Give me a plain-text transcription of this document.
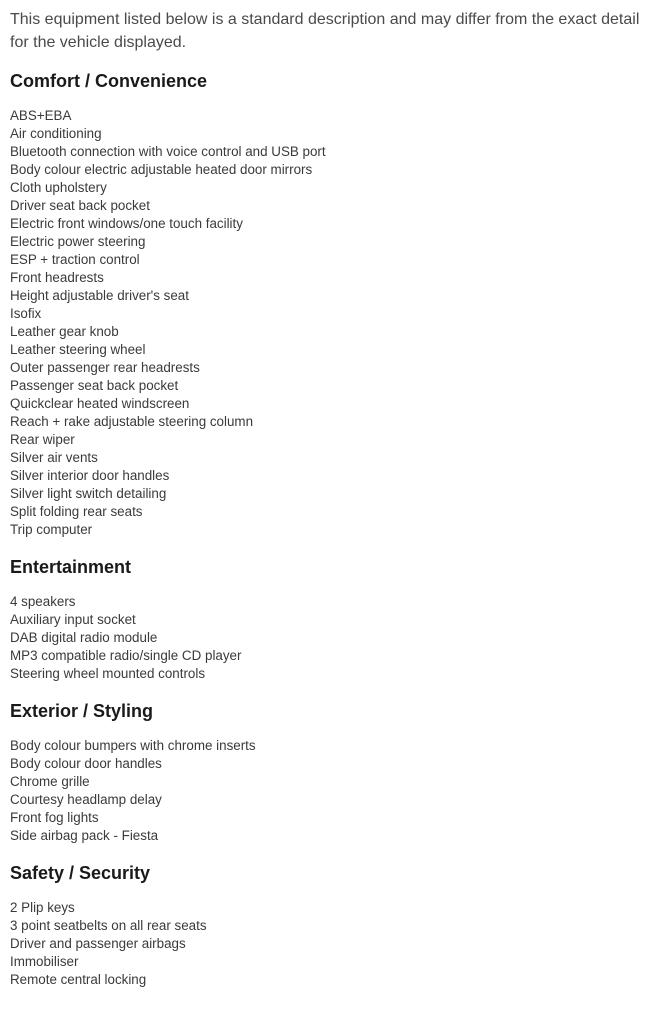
This equipment listed below is a standard description and may differ from the exact detail for the vehicle displayed.

Comfort / Convenience
ABS+EBA
Air conditioning
Bluetooth connection with voice control and USB port
Body colour electric adjustable heated door mirrors
Cloth upholstery
Driver seat back pocket
Electric front windows/one touch facility
Electric power steering
ESP + traction control
Front headrests
Height adjustable driver's seat
Isofix
Leather gear knob
Leather steering wheel
Outer passenger rear headrests
Passenger seat back pocket
Quickclear heated windscreen
Reach + rake adjustable steering column
Rear wiper
Silver air vents
Silver interior door handles
Silver light switch detailing
Split folding rear seats
Trip computer
Entertainment
4 speakers
Auxiliary input socket
DAB digital radio module
MP3 compatible radio/single CD player
Steering wheel mounted controls
Exterior / Styling
Body colour bumpers with chrome inserts
Body colour door handles
Chrome grille
Courtesy headlamp delay
Front fog lights
Side airbag pack - Fiesta
Safety / Security
2 Plip keys
3 point seatbelts on all rear seats
Driver and passenger airbags
Immobiliser
Remote central locking
